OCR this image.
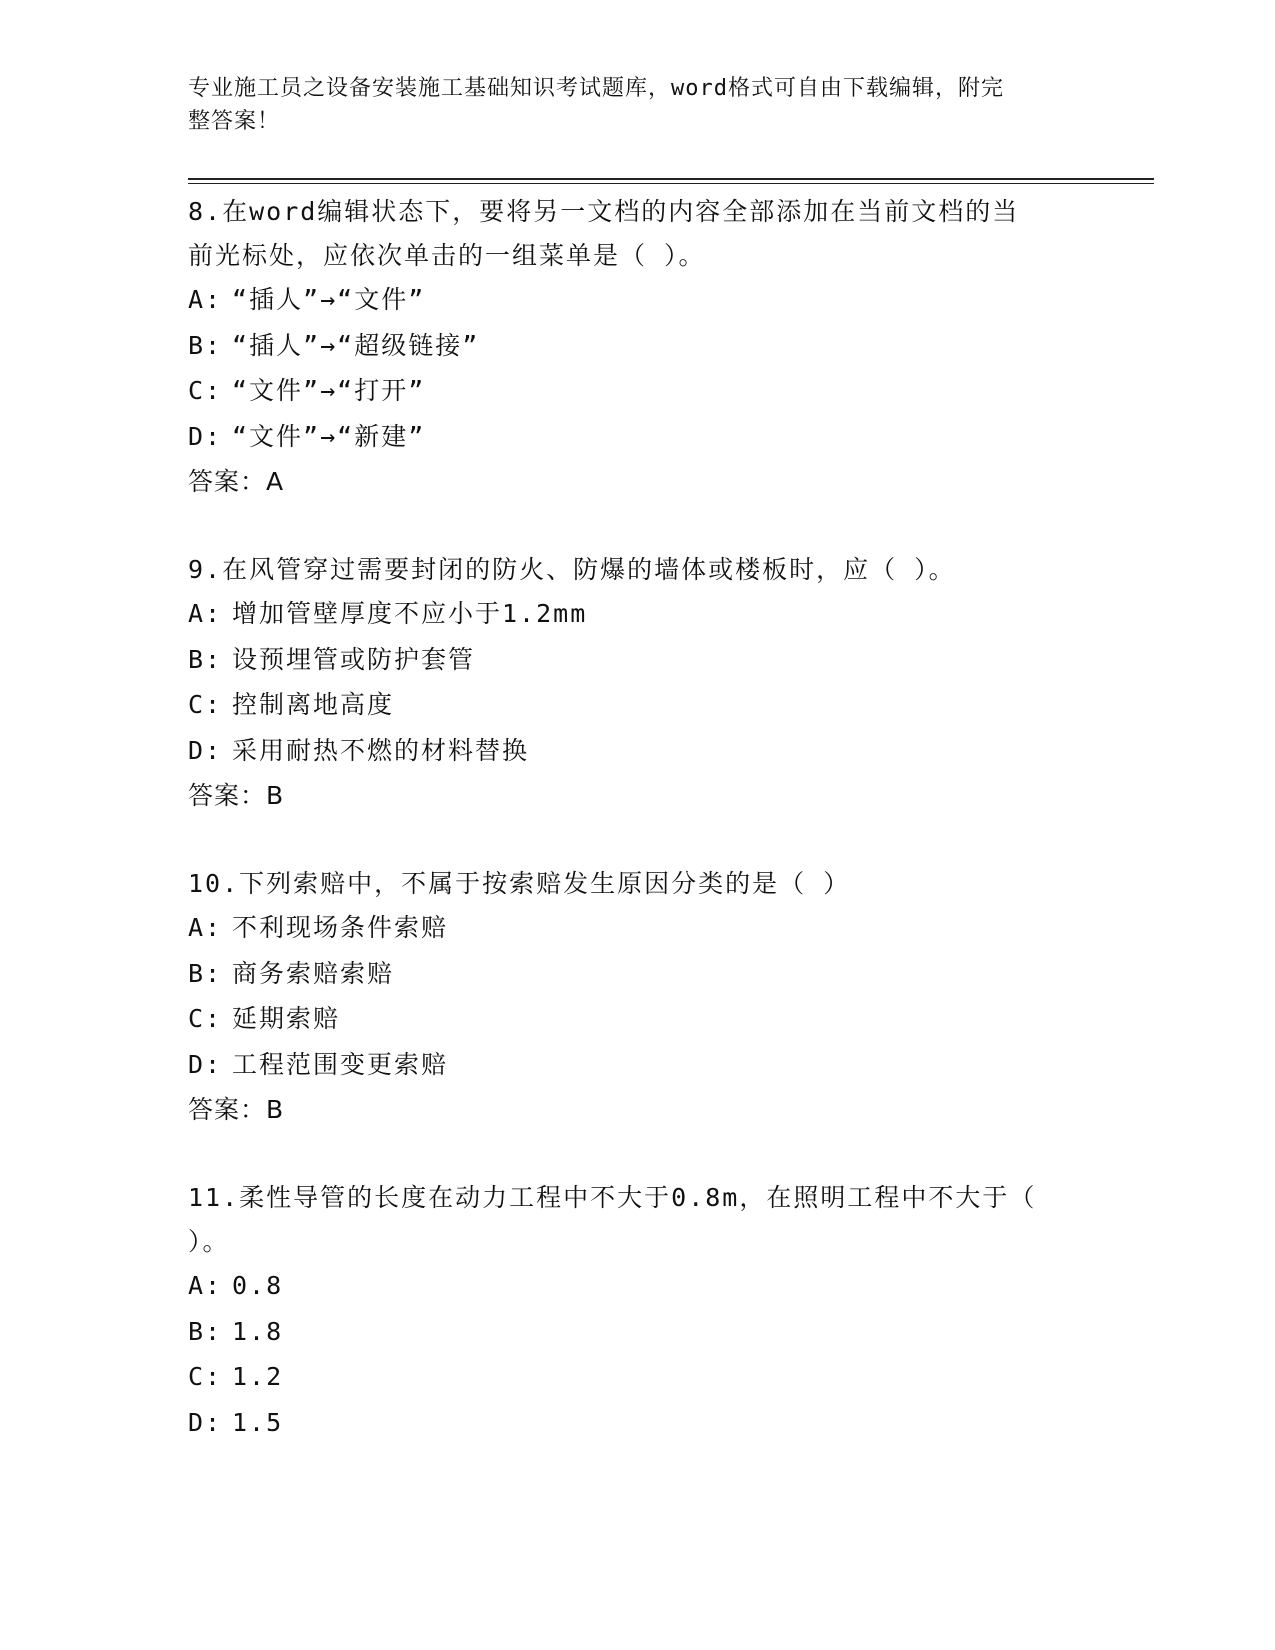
专业施工员之设备安装施工基础知识考试题库，word格式可自由下载编辑，附完
整答案！
8.在word编辑状态下，要将另一文档的内容全部添加在当前文档的当
前光标处，应依次单击的一组菜单是（ ）。
A: “插人”→“文件”
B: “插人”→“超级链接”
C: “文件”→“打开”
D: “文件”→“新建”
答案：A
9.在风管穿过需要封闭的防火、防爆的墙体或楼板时，应（ ）。
A: 增加管壁厚度不应小于1.2mm
B: 设预埋管或防护套管
C: 控制离地高度
D: 采用耐热不燃的材料替换
答案：B
10.下列索赔中，不属于按索赔发生原因分类的是（ ）
A: 不利现场条件索赔
B: 商务索赔索赔
C: 延期索赔
D: 工程范围变更索赔
答案：B
11.柔性导管的长度在动力工程中不大于0.8m，在照明工程中不大于（
）。
A: 0.8
B: 1.8
C: 1.2
D: 1.5
